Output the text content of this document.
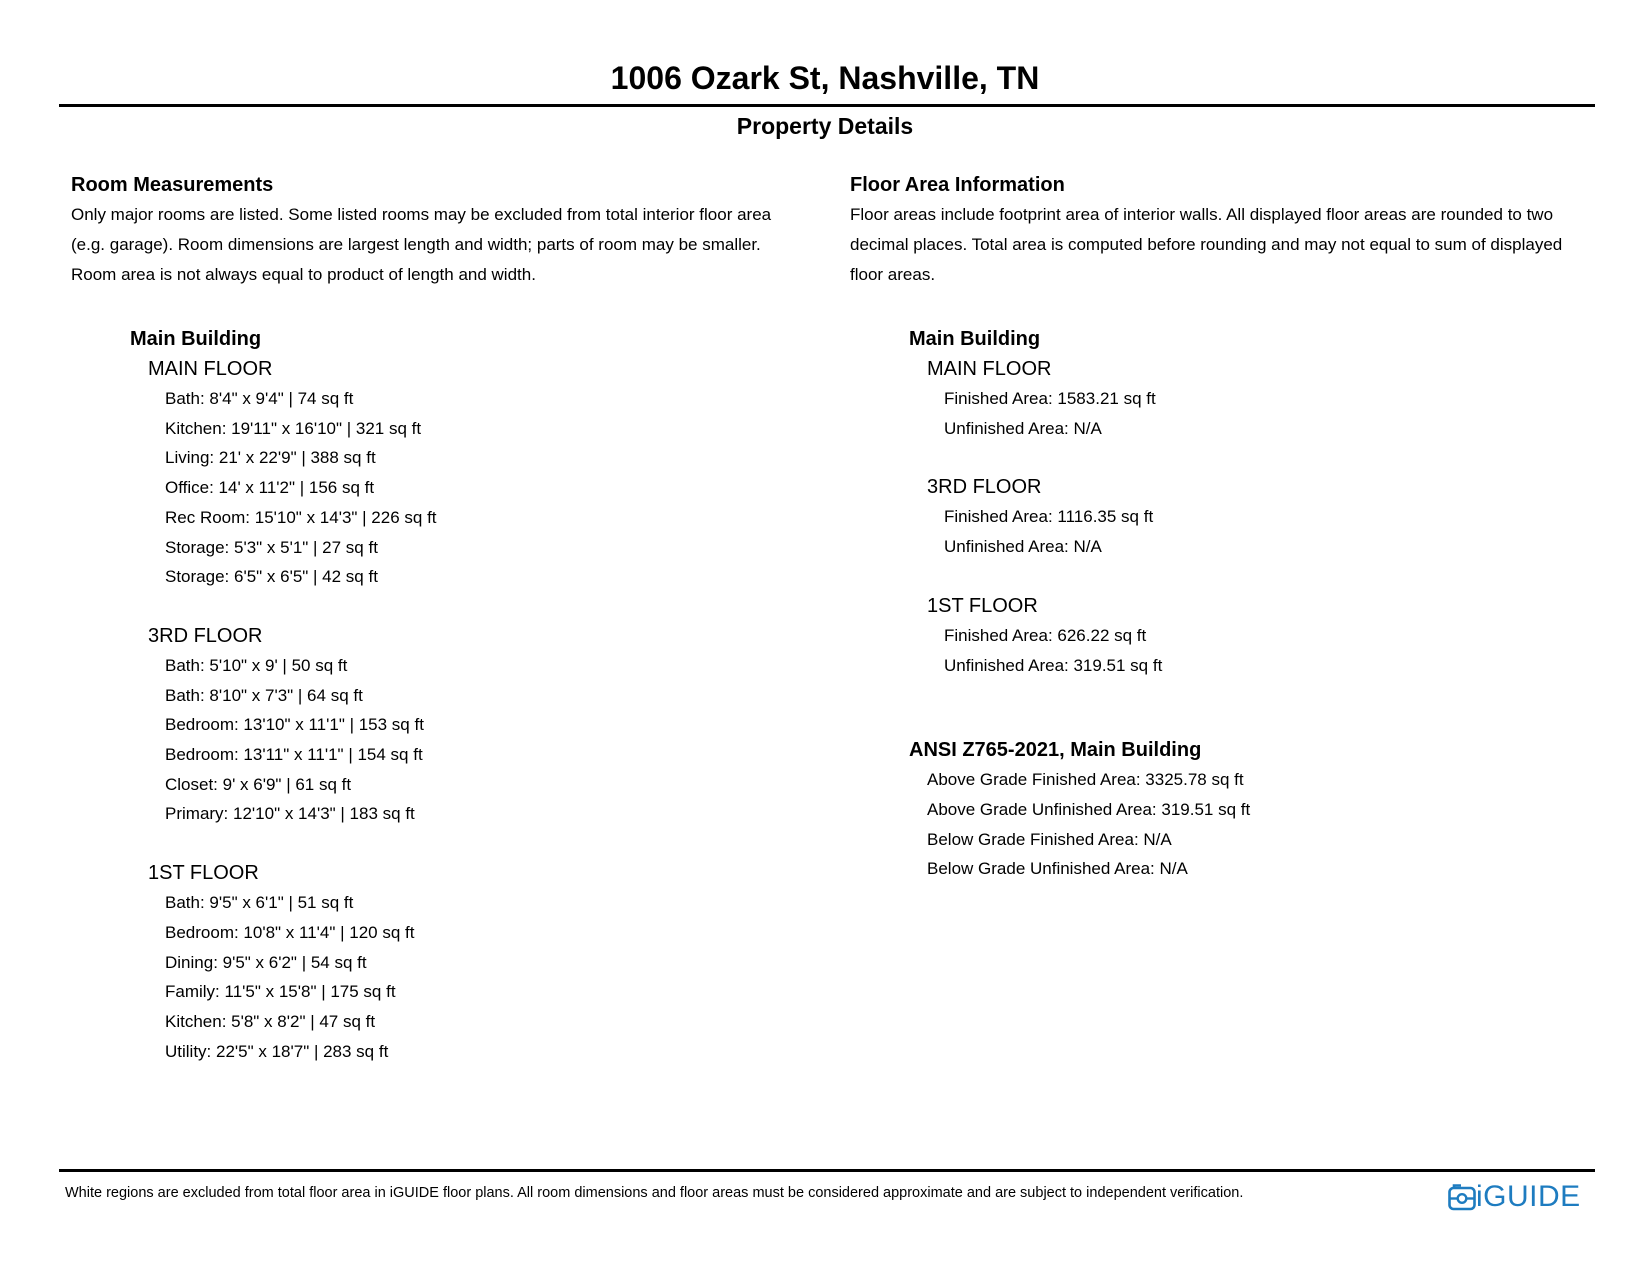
1006 Ozark St, Nashville, TN
Property Details
Room Measurements

Only major rooms are listed. Some listed rooms may be excluded from total interior floor area

(e.g. garage). Room dimensions are largest length and width; parts of room may be smaller.

Room area is not always equal to product of length and width.

Main Building
MAIN FLOOR
Bath: 8'4" x 9'4" | 74 sq ft
Kitchen: 19'11" x 16'10" | 321 sq ft
Living: 21' x 22'9" | 388 sq ft
Office: 14' x 11'2" | 156 sq ft
Rec Room: 15'10" x 14'3" | 226 sq ft
Storage: 5'3" x 5'1" | 27 sq ft
Storage: 6'5" x 6'5" | 42 sq ft
3RD FLOOR
Bath: 5'10" x 9' | 50 sq ft
Bath: 8'10" x 7'3" | 64 sq ft
Bedroom: 13'10" x 11'1" | 153 sq ft
Bedroom: 13'11" x 11'1" | 154 sq ft
Closet: 9' x 6'9" | 61 sq ft
Primary: 12'10" x 14'3" | 183 sq ft
1ST FLOOR
Bath: 9'5" x 6'1" | 51 sq ft
Bedroom: 10'8" x 11'4" | 120 sq ft
Dining: 9'5" x 6'2" | 54 sq ft
Family: 11'5" x 15'8" | 175 sq ft
Kitchen: 5'8" x 8'2" | 47 sq ft
Utility: 22'5" x 18'7" | 283 sq ft
Floor Area Information

Floor areas include footprint area of interior walls. All displayed floor areas are rounded to two

decimal places. Total area is computed before rounding and may not equal to sum of displayed

floor areas.

Main Building
MAIN FLOOR
Finished Area: 1583.21 sq ft
Unfinished Area: N/A
3RD FLOOR
Finished Area: 1116.35 sq ft
Unfinished Area: N/A
1ST FLOOR
Finished Area: 626.22 sq ft
Unfinished Area: 319.51 sq ft
ANSI Z765-2021, Main Building
Above Grade Finished Area: 3325.78 sq ft
Above Grade Unfinished Area: 319.51 sq ft
Below Grade Finished Area: N/A
Below Grade Unfinished Area: N/A
White regions are excluded from total floor area in iGUIDE floor plans. All room dimensions and floor areas must be considered approximate and are subject to independent verification.	iGUIDE
